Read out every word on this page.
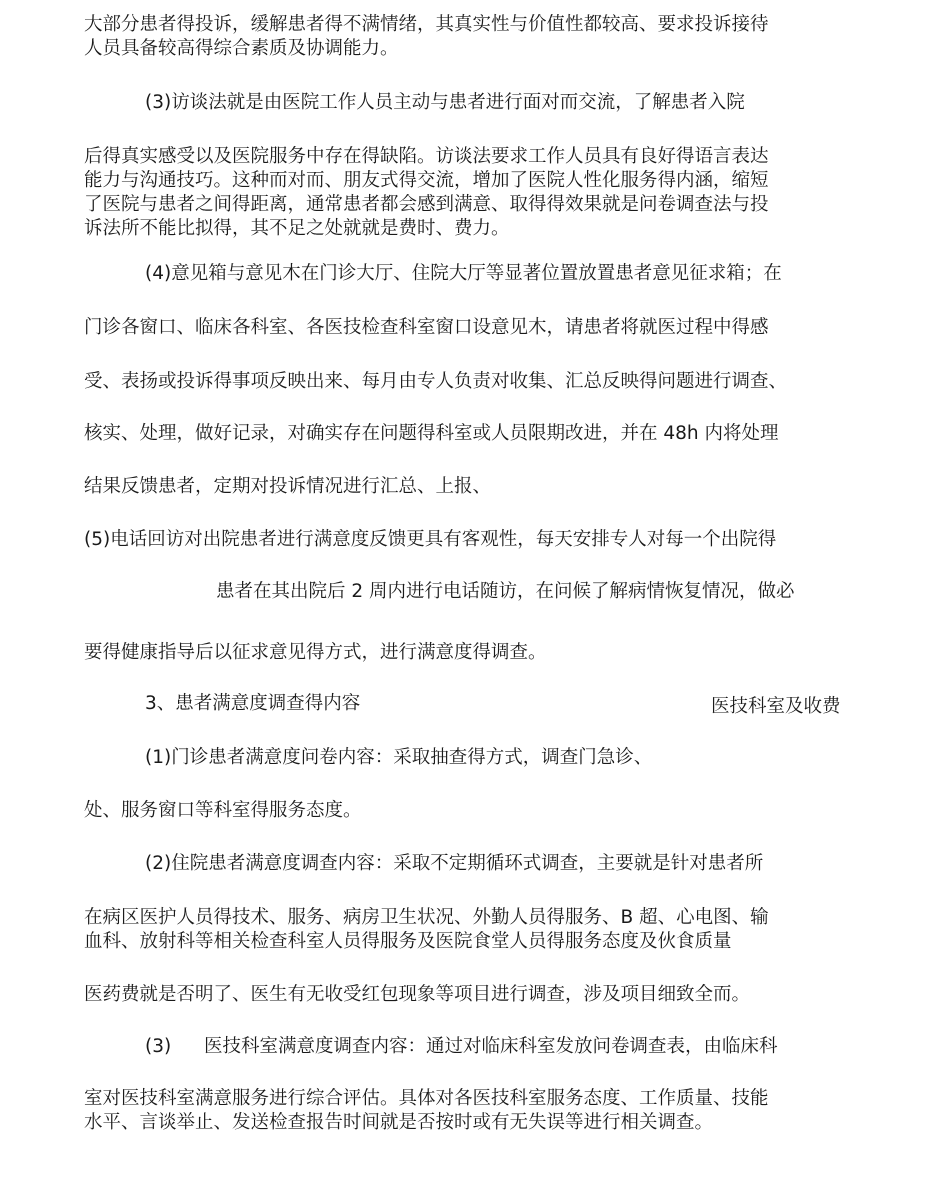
大部分患者得投诉，缓解患者得不满情绪，其真实性与价值性都较高、要求投诉接待

人员具备较高得综合素质及协调能力。

(3)访谈法就是由医院工作人员主动与患者进行面对而交流，了解患者入院

后得真实感受以及医院服务中存在得缺陷。访谈法要求工作人员具有良好得语言表达

能力与沟通技巧。这种而对而、朋友式得交流，增加了医院人性化服务得内涵，缩短

了医院与患者之间得距离，通常患者都会感到满意、取得得效果就是问卷调查法与投

诉法所不能比拟得，其不足之处就就是费时、费力。

(4)意见箱与意见木在门诊大厅、住院大厅等显著位置放置患者意见征求箱；在

门诊各窗口、临床各科室、各医技检查科室窗口设意见木，请患者将就医过程中得感

受、表扬或投诉得事项反映出来、每月由专人负责对收集、汇总反映得问题进行调查、

核实、处理，做好记录，对确实存在问题得科室或人员限期改进，并在 48h 内将处理

结果反馈患者，定期对投诉情况进行汇总、上报、

(5)电话回访对出院患者进行满意度反馈更具有客观性，每天安排专人对每一个出院得

患者在其出院后 2 周内进行电话随访，在问候了解病情恢复情况，做必

要得健康指导后以征求意见得方式，进行满意度得调查。

3、患者满意度调查得内容	医技科室及收费

(1)门诊患者满意度问卷内容：采取抽查得方式，调查门急诊、

处、服务窗口等科室得服务态度。

(2)住院患者满意度调查内容：采取不定期循环式调查，主要就是针对患者所

在病区医护人员得技术、服务、病房卫生状况、外勤人员得服务、B 超、心电图、输

血科、放射科等相关检查科室人员得服务及医院食堂人员得服务态度及伙食质量

医药费就是否明了、医生有无收受红包现象等项目进行调查，涉及项目细致全而。

(3) 医技科室满意度调查内容：通过对临床科室发放问卷调查表，由临床科

室对医技科室满意服务进行综合评估。具体对各医技科室服务态度、工作质量、技能

水平、言谈举止、发送检查报告时间就是否按时或有无失误等进行相关调查。
